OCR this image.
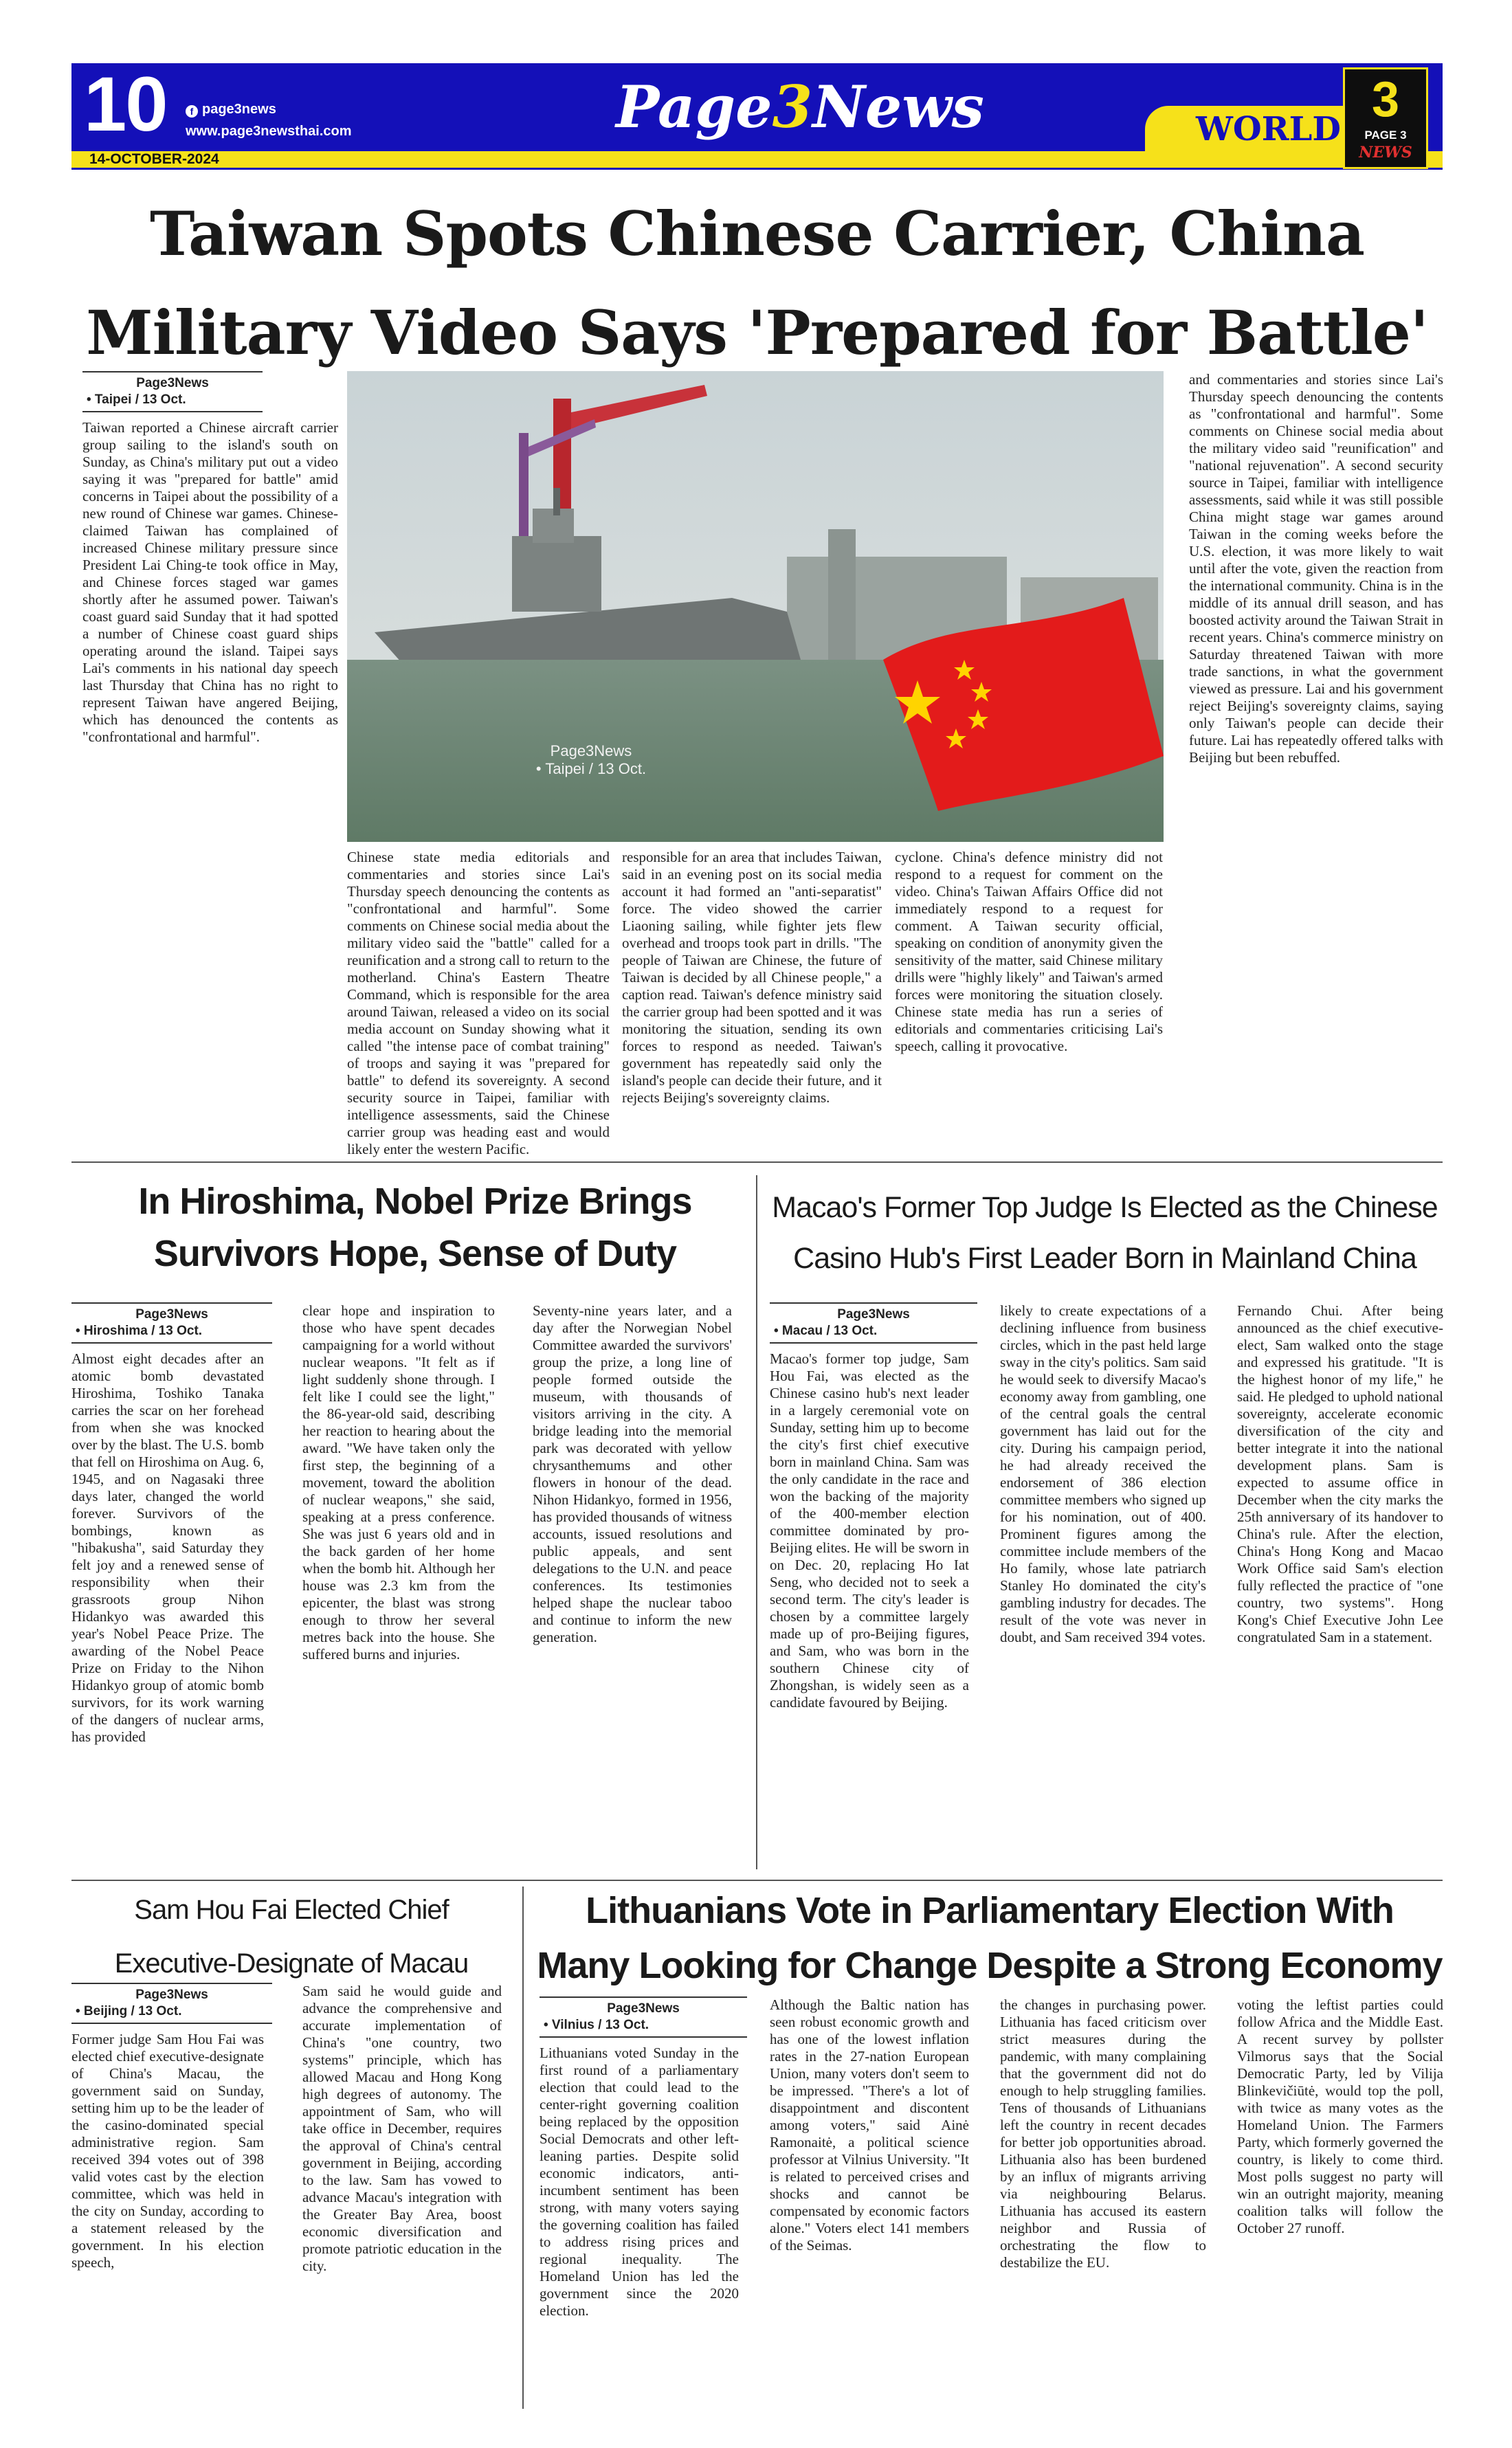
10
14-OCTOBER-2024
f page3news
www.page3newsthai.com	Page3News	WORLD
3
PAGE 3
NEWS
Taiwan Spots Chinese Carrier, China
Military Video Says 'Prepared for Battle'
Page3News
• Taipei / 13 Oct.
Taiwan reported a Chinese aircraft carrier group sailing to the island's south on Sunday, as China's military put out a video saying it was "prepared for battle" amid concerns in Taipei about the possibility of a new round of Chinese war games. Chinese-claimed Taiwan has complained of increased Chinese military pressure since President Lai Ching-te took office in May, and Chinese forces staged war games shortly after he assumed power. Taiwan's coast guard said Sunday that it had spotted a number of Chinese coast guard ships operating around the island. Taipei says Lai's comments in his national day speech last Thursday that China has no right to represent Taiwan have angered Beijing, which has denounced the contents as "confrontational and harmful".
Page3News
• Taipei / 13 Oct.
Chinese state media editorials and commentaries and stories since Lai's Thursday speech denouncing the contents as "confrontational and harmful". Some comments on Chinese social media about the military video said the "battle" called for a reunification and a strong call to return to the motherland. China's Eastern Theatre Command, which is responsible for the area around Taiwan, released a video on its social media account on Sunday showing what it called "the intense pace of combat training" of troops and saying it was "prepared for battle" to defend its sovereignty. A second security source in Taipei, familiar with intelligence assessments, said the Chinese carrier group was heading east and would likely enter the western Pacific.
responsible for an area that includes Taiwan, said in an evening post on its social media account it had formed an "anti-separatist" force. The video showed the carrier Liaoning sailing, while fighter jets flew overhead and troops took part in drills. "The people of Taiwan are Chinese, the future of Taiwan is decided by all Chinese people," a caption read. Taiwan's defence ministry said the carrier group had been spotted and it was monitoring the situation, sending its own forces to respond as needed. Taiwan's government has repeatedly said only the island's people can decide their future, and it rejects Beijing's sovereignty claims.
cyclone. China's defence ministry did not respond to a request for comment on the video. China's Taiwan Affairs Office did not immediately respond to a request for comment. A Taiwan security official, speaking on condition of anonymity given the sensitivity of the matter, said Chinese military drills were "highly likely" and Taiwan's armed forces were monitoring the situation closely. Chinese state media has run a series of editorials and commentaries criticising Lai's speech, calling it provocative.
and commentaries and stories since Lai's Thursday speech denouncing the contents as "confrontational and harmful". Some comments on Chinese social media about the military video said "reunification" and "national rejuvenation". A second security source in Taipei, familiar with intelligence assessments, said while it was still possible China might stage war games around Taiwan in the coming weeks before the U.S. election, it was more likely to wait until after the vote, given the reaction from the international community. China is in the middle of its annual drill season, and has boosted activity around the Taiwan Strait in recent years. China's commerce ministry on Saturday threatened Taiwan with more trade sanctions, in what the government viewed as pressure. Lai and his government reject Beijing's sovereignty claims, saying only Taiwan's people can decide their future. Lai has repeatedly offered talks with Beijing but been rebuffed.
In Hiroshima, Nobel Prize Brings
Survivors Hope, Sense of Duty
Page3News
• Hiroshima / 13 Oct.
Almost eight decades after an atomic bomb devastated Hiroshima, Toshiko Tanaka carries the scar on her forehead from when she was knocked over by the blast. The U.S. bomb that fell on Hiroshima on Aug. 6, 1945, and on Nagasaki three days later, changed the world forever. Survivors of the bombings, known as "hibakusha", said Saturday they felt joy and a renewed sense of responsibility when their grassroots group Nihon Hidankyo was awarded this year's Nobel Peace Prize. The awarding of the Nobel Peace Prize on Friday to the Nihon Hidankyo group of atomic bomb survivors, for its work warning of the dangers of nuclear arms, has provided
clear hope and inspiration to those who have spent decades campaigning for a world without nuclear weapons. "It felt as if light suddenly shone through. I felt like I could see the light," the 86-year-old said, describing her reaction to hearing about the award. "We have taken only the first step, the beginning of a movement, toward the abolition of nuclear weapons," she said, speaking at a press conference. She was just 6 years old and in the back garden of her home when the bomb hit. Although her house was 2.3 km from the epicenter, the blast was strong enough to throw her several metres back into the house. She suffered burns and injuries.
Seventy-nine years later, and a day after the Norwegian Nobel Committee awarded the survivors' group the prize, a long line of people formed outside the museum, with thousands of visitors arriving in the city. A bridge leading into the memorial park was decorated with yellow chrysanthemums and other flowers in honour of the dead. Nihon Hidankyo, formed in 1956, has provided thousands of witness accounts, issued resolutions and public appeals, and sent delegations to the U.N. and peace conferences. Its testimonies helped shape the nuclear taboo and continue to inform the new generation.
Macao's Former Top Judge Is Elected as the Chinese
Casino Hub's First Leader Born in Mainland China
Page3News
• Macau / 13 Oct.
Macao's former top judge, Sam Hou Fai, was elected as the Chinese casino hub's next leader in a largely ceremonial vote on Sunday, setting him up to become the city's first chief executive born in mainland China. Sam was the only candidate in the race and won the backing of the majority of the 400-member election committee dominated by pro-Beijing elites. He will be sworn in on Dec. 20, replacing Ho Iat Seng, who decided not to seek a second term. The city's leader is chosen by a committee largely made up of pro-Beijing figures, and Sam, who was born in the southern Chinese city of Zhongshan, is widely seen as a candidate favoured by Beijing.
likely to create expectations of a declining influence from business circles, which in the past held large sway in the city's politics. Sam said he would seek to diversify Macao's economy away from gambling, one of the central goals the central government has laid out for the city. During his campaign period, he had already received the endorsement of 386 election committee members who signed up for his nomination, out of 400. Prominent figures among the committee include members of the Ho family, whose late patriarch Stanley Ho dominated the city's gambling industry for decades. The result of the vote was never in doubt, and Sam received 394 votes.
Fernando Chui. After being announced as the chief executive-elect, Sam walked onto the stage and expressed his gratitude. "It is the highest honor of my life," he said. He pledged to uphold national sovereignty, accelerate economic diversification of the city and better integrate it into the national development plans. Sam is expected to assume office in December when the city marks the 25th anniversary of its handover to China's rule. After the election, China's Hong Kong and Macao Work Office said Sam's election fully reflected the practice of "one country, two systems". Hong Kong's Chief Executive John Lee congratulated Sam in a statement.
Sam Hou Fai Elected Chief
Executive-Designate of Macau
Page3News
• Beijing / 13 Oct.
Former judge Sam Hou Fai was elected chief executive-designate of China's Macau, the government said on Sunday, setting him up to be the leader of the casino-dominated special administrative region. Sam received 394 votes out of 398 valid votes cast by the election committee, which was held in the city on Sunday, according to a statement released by the government. In his election speech,
Sam said he would guide and advance the comprehensive and accurate implementation of China's "one country, two systems" principle, which has allowed Macau and Hong Kong high degrees of autonomy. The appointment of Sam, who will take office in December, requires the approval of China's central government in Beijing, according to the law. Sam has vowed to advance Macau's integration with the Greater Bay Area, boost economic diversification and promote patriotic education in the city.
Lithuanians Vote in Parliamentary Election With
Many Looking for Change Despite a Strong Economy
Page3News
• Vilnius / 13 Oct.
Lithuanians voted Sunday in the first round of a parliamentary election that could lead to the center-right governing coalition being replaced by the opposition Social Democrats and other left-leaning parties. Despite solid economic indicators, anti-incumbent sentiment has been strong, with many voters saying the governing coalition has failed to address rising prices and regional inequality. The Homeland Union has led the government since the 2020 election.
Although the Baltic nation has seen robust economic growth and has one of the lowest inflation rates in the 27-nation European Union, many voters don't seem to be impressed. "There's a lot of disappointment and discontent among voters," said Ainė Ramonaitė, a political science professor at Vilnius University. "It is related to perceived crises and shocks and cannot be compensated by economic factors alone." Voters elect 141 members of the Seimas.
the changes in purchasing power. Lithuania has faced criticism over strict measures during the pandemic, with many complaining that the government did not do enough to help struggling families. Tens of thousands of Lithuanians left the country in recent decades for better job opportunities abroad. Lithuania also has been burdened by an influx of migrants arriving via neighbouring Belarus. Lithuania has accused its eastern neighbor and Russia of orchestrating the flow to destabilize the EU.
voting the leftist parties could follow Africa and the Middle East. A recent survey by pollster Vilmorus says that the Social Democratic Party, led by Vilija Blinkevičiūtė, would top the poll, with twice as many votes as the Homeland Union. The Farmers Party, which formerly governed the country, is likely to come third. Most polls suggest no party will win an outright majority, meaning coalition talks will follow the October 27 runoff.
